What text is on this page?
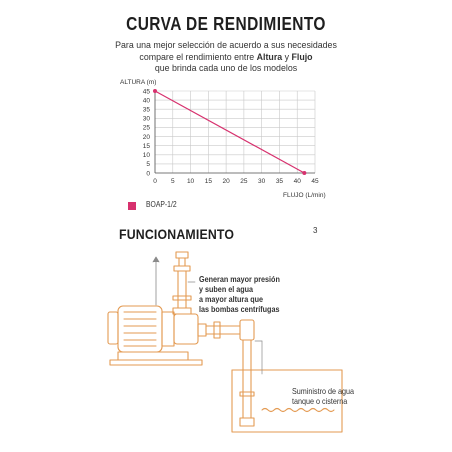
CURVA DE RENDIMIENTO
Para una mejor selección de acuerdo a sus necesidades
compare el rendimiento entre Altura y Flujo
que brinda cada uno de los modelos
ALTURA (m)
0
5
10
15
20
25
30
35
40
45
0 5 10 15 20 25 30 35 40 45
FLUJO (L/min)
BOAP-1/2
FUNCIONAMIENTO	3
Generan mayor presión
y suben el agua
a mayor altura que
las bombas centrífugas
Suministro de agua
tanque o cisterna
